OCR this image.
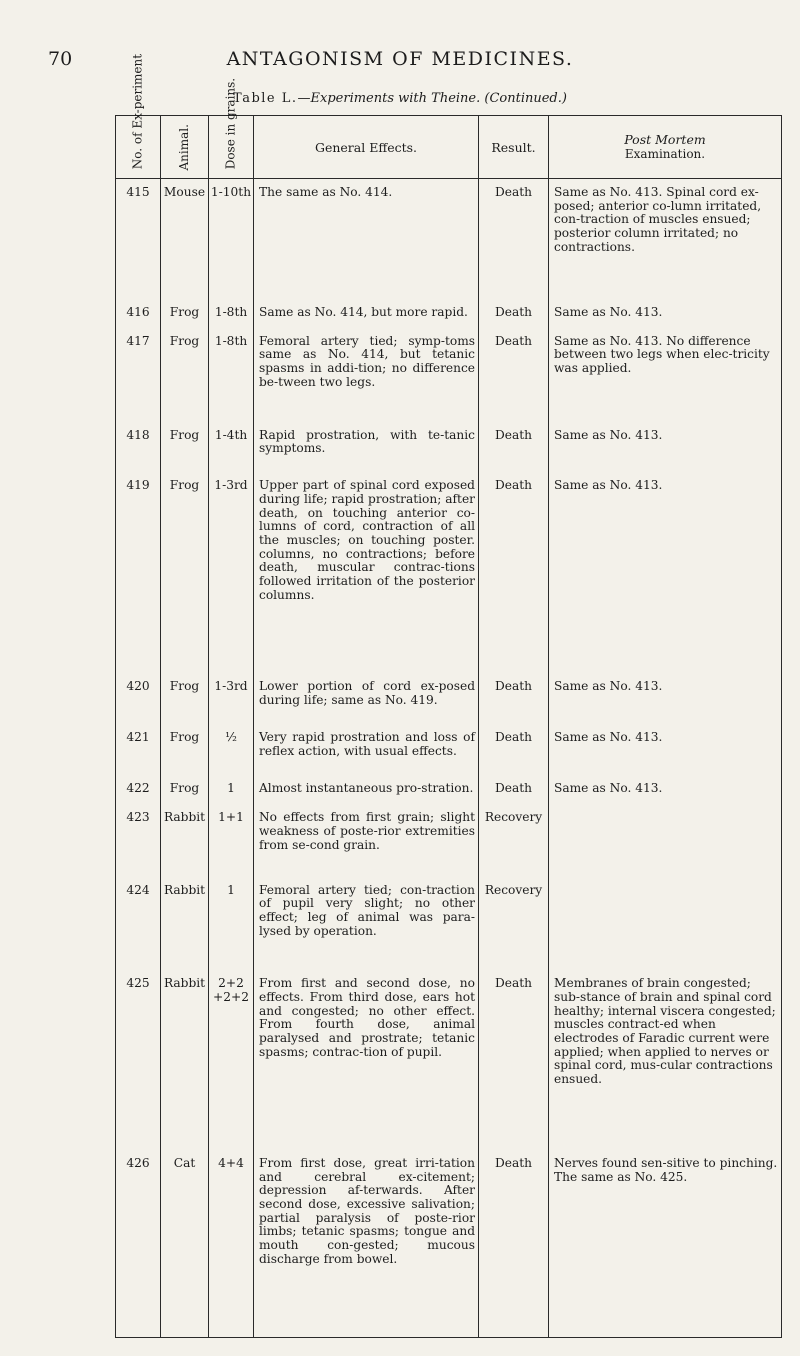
70	ANTAGONISM OF MEDICINES.
Table L.—Experiments with Theine. (Continued.)
No. of Ex-periment	Animal.	Dose in grains.	General Effects.	Result.	Post Mortem
Examination.
415	Mouse	1-10th	The same as No. 414.	Death	Same as No. 413. Spinal cord ex-posed; anterior co-lumn irritated, con-traction of muscles ensued; posterior column irritated; no contractions.
416	Frog	1-8th	Same as No. 414, but more rapid.	Death	Same as No. 413.
417	Frog	1-8th	Femoral artery tied; symp-toms same as No. 414, but tetanic spasms in addi-tion; no difference be-tween two legs.	Death	Same as No. 413. No difference between two legs when elec-tricity was applied.
418	Frog	1-4th	Rapid prostration, with te-tanic symptoms.	Death	Same as No. 413.
419	Frog	1-3rd	Upper part of spinal cord exposed during life; rapid prostration; after death, on touching anterior co-lumns of cord, contraction of all the muscles; on touching poster. columns, no contractions; before death, muscular contrac-tions followed irritation of the posterior columns.	Death	Same as No. 413.
420	Frog	1-3rd	Lower portion of cord ex-posed during life; same as No. 419.	Death	Same as No. 413.
421	Frog	½	Very rapid prostration and loss of reflex action, with usual effects.	Death	Same as No. 413.
422	Frog	1	Almost instantaneous pro-stration.	Death	Same as No. 413.
423	Rabbit	1+1	No effects from first grain; slight weakness of poste-rior extremities from se-cond grain.	Recovery	
424	Rabbit	1	Femoral artery tied; con-traction of pupil very slight; no other effect; leg of animal was para-lysed by operation.	Recovery	
425	Rabbit	2+2 +2+2	From first and second dose, no effects. From third dose, ears hot and congested; no other effect. From fourth dose, animal paralysed and prostrate; tetanic spasms; contrac-tion of pupil.	Death	Membranes of brain congested; sub-stance of brain and spinal cord healthy; internal viscera congested; muscles contract-ed when electrodes of Faradic current were applied; when applied to nerves or spinal cord, mus-cular contractions ensued.
426	Cat	4+4	From first dose, great irri-tation and cerebral ex-citement; depression af-terwards. After second dose, excessive salivation; partial paralysis of poste-rior limbs; tetanic spasms; tongue and mouth con-gested; mucous discharge from bowel.	Death	Nerves found sen-sitive to pinching. The same as No. 425.
